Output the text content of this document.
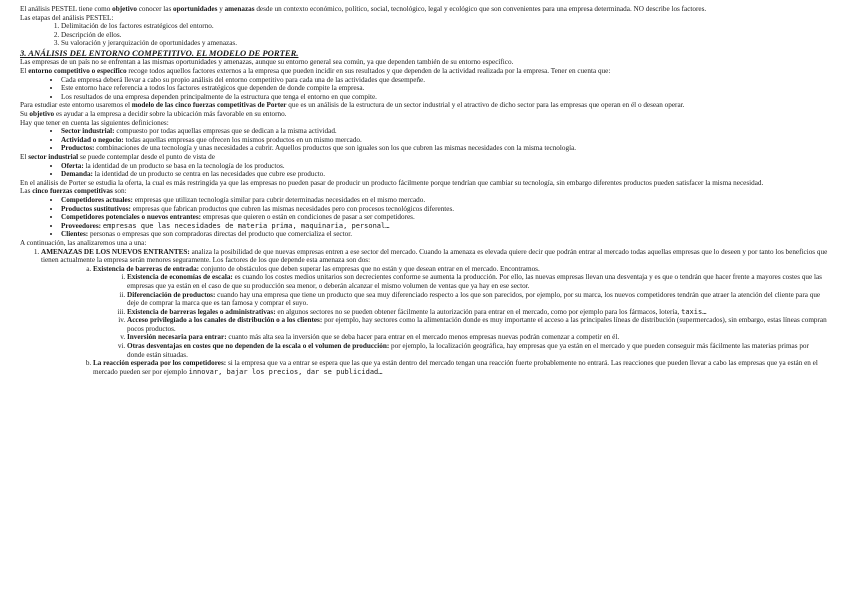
El análisis PESTEL tiene como objetivo conocer las oportunidades y amenazas desde un contexto económico, político, social, tecnológico, legal y ecológico que son convenientes para una empresa determinada. NO describe los factores.

Las etapas del análisis PESTEL:

1. Delimitación de los factores estratégicos del entorno.
2. Descripción de ellos.
3. Su valoración y jerarquización de oportunidades y amenazas.

3. ANÁLISIS DEL ENTORNO COMPETITIVO. EL MODELO DE PORTER.

Las empresas de un país no se enfrentan a las mismas oportunidades y amenazas, aunque su entorno general sea común, ya que dependen también de su entorno específico.

El entorno competitivo o específico recoge todos aquellos factores externos a la empresa que pueden incidir en sus resultados y que dependen de la actividad realizada por la empresa. Tener en cuenta que:

• Cada empresa deberá llevar a cabo su propio análisis del entorno competitivo para cada una de las actividades que desempeñe.
• Este entorno hace referencia a todos los factores estratégicos que dependen de donde compite la empresa.
• Los resultados de una empresa dependen principalmente de la estructura que tenga el entorno en que compite.

Para estudiar este entorno usaremos el modelo de las cinco fuerzas competitivas de Porter que es un análisis de la estructura de un sector industrial y el atractivo de dicho sector para las empresas que operan en él o desean operar.

Su objetivo es ayudar a la empresa a decidir sobre la ubicación más favorable en su entorno.

Hay que tener en cuenta las siguientes definiciones:

• Sector industrial: compuesto por todas aquellas empresas que se dedican a la misma actividad.
• Actividad o negocio: todas aquellas empresas que ofrecen los mismos productos en un mismo mercado.
• Productos: combinaciones de una tecnología y unas necesidades a cubrir. Aquellos productos que son iguales son los que cubren las mismas necesidades con la misma tecnología.

El sector industrial se puede contemplar desde el punto de vista de

• Oferta: la identidad de un producto se basa en la tecnología de los productos.
• Demanda: la identidad de un producto se centra en las necesidades que cubre ese producto.

En el análisis de Porter se estudia la oferta, la cual es más restringida ya que las empresas no pueden pasar de producir un producto fácilmente porque tendrían que cambiar su tecnología, sin embargo diferentes productos pueden satisfacer la misma necesidad.

Las cinco fuerzas competitivas son:

• Competidores actuales: empresas que utilizan tecnología similar para cubrir determinadas necesidades en el mismo mercado.
• Productos sustitutivos: empresas que fabrican productos que cubren las mismas necesidades pero con procesos tecnológicos diferentes.
• Competidores potenciales o nuevos entrantes: empresas que quieren o están en condiciones de pasar a ser competidores.
• Proveedores: empresas que las necesidades de materia prima, maquinaria, personal…
• Clientes: personas o empresas que son compradoras directas del producto que comercializa el sector.

A continuación, las analizaremos una a una:

1. AMENAZAS DE LOS NUEVOS ENTRANTES: analiza la posibilidad de que nuevas empresas entren a ese sector del mercado. Cuando la amenaza es elevada quiere decir que podrán entrar al mercado todas aquellas empresas que lo deseen y por tanto los beneficios que tienen actualmente la empresa serán menores seguramente. Los factores de los que depende esta amenaza son dos:
a. Existencia de barreras de entrada: conjunto de obstáculos que deben superar las empresas que no están y que desean entrar en el mercado. Encontramos.
i. Existencia de economías de escala: es cuando los costes medios unitarios son decrecientes conforme se aumenta la producción. Por ello, las nuevas empresas llevan una desventaja y es que o tendrán que hacer frente a mayores costes que las empresas que ya están en el caso de que su producción sea menor, o deberán alcanzar el mismo volumen de ventas que ya hay en ese sector.
ii. Diferenciación de productos: cuando hay una empresa que tiene un producto que sea muy diferenciado respecto a los que son parecidos, por ejemplo, por su marca, los nuevos competidores tendrán que atraer la atención del cliente para que deje de comprar la marca que es tan famosa y comprar el suyo.
iii. Existencia de barreras legales o administrativas: en algunos sectores no se pueden obtener fácilmente la autorización para entrar en el mercado, como por ejemplo para los fármacos, lotería, taxis…
iv. Acceso privilegiado a los canales de distribución o a los clientes: por ejemplo, hay sectores como la alimentación donde es muy importante el acceso a las principales líneas de distribución (supermercados), sin embargo, estas líneas compran pocos productos.
v. Inversión necesaria para entrar: cuanto más alta sea la inversión que se deba hacer para entrar en el mercado menos empresas nuevas podrán comenzar a competir en él.
vi. Otras desventajas en costes que no dependen de la escala o el volumen de producción: por ejemplo, la localización geográfica, hay empresas que ya están en el mercado y que pueden conseguir más fácilmente las materias primas por donde están situadas.
b. La reacción esperada por los competidores: si la empresa que va a entrar se espera que las que ya están dentro del mercado tengan una reacción fuerte probablemente no entrará. Las reacciones que pueden llevar a cabo las empresas que ya están en el mercado pueden ser por ejemplo innovar, bajar los precios, dar se publicidad…
